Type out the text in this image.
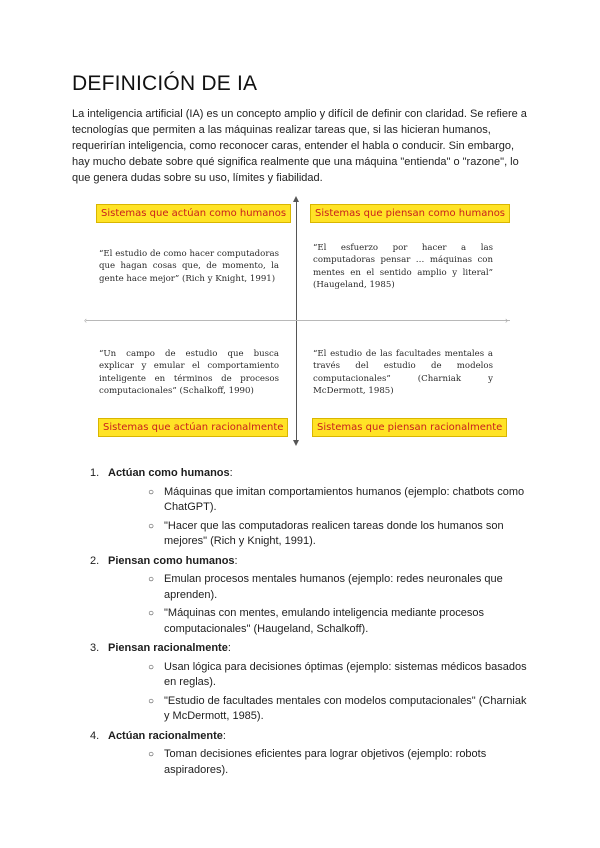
DEFINICIÓN DE IA
La inteligencia artificial (IA) es un concepto amplio y difícil de definir con claridad. Se refiere a tecnologías que permiten a las máquinas realizar tareas que, si las hicieran humanos, requerirían inteligencia, como reconocer caras, entender el habla o conducir. Sin embargo, hay mucho debate sobre qué significa realmente que una máquina "entienda" o "razone", lo que genera dudas sobre su uso, límites y fiabilidad.
‹	›
Sistemas que actúan como humanos	Sistemas que piensan como humanos
“El estudio de como hacer computadoras que hagan cosas que, de momento, la gente hace mejor” (Rich y Knight, 1991)
“El esfuerzo por hacer a las computadoras pensar … máquinas con mentes en el sentido amplio y literal” (Haugeland, 1985)
“Un campo de estudio que busca explicar y emular el comportamiento inteligente en términos de procesos computacionales” (Schalkoff, 1990)
“El estudio de las facultades mentales a través del estudio de modelos computacionales” (Charniak y McDermott, 1985)
Sistemas que actúan racionalmente	Sistemas que piensan racionalmente
1. Actúan como humanos:
○ Máquinas que imitan comportamientos humanos (ejemplo: chatbots como ChatGPT).
○ "Hacer que las computadoras realicen tareas donde los humanos son mejores" (Rich y Knight, 1991).
2. Piensan como humanos:
○ Emulan procesos mentales humanos (ejemplo: redes neuronales que aprenden).
○ "Máquinas con mentes, emulando inteligencia mediante procesos computacionales" (Haugeland, Schalkoff).
3. Piensan racionalmente:
○ Usan lógica para decisiones óptimas (ejemplo: sistemas médicos basados en reglas).
○ "Estudio de facultades mentales con modelos computacionales" (Charniak y McDermott, 1985).
4. Actúan racionalmente:
○ Toman decisiones eficientes para lograr objetivos (ejemplo: robots aspiradores).
